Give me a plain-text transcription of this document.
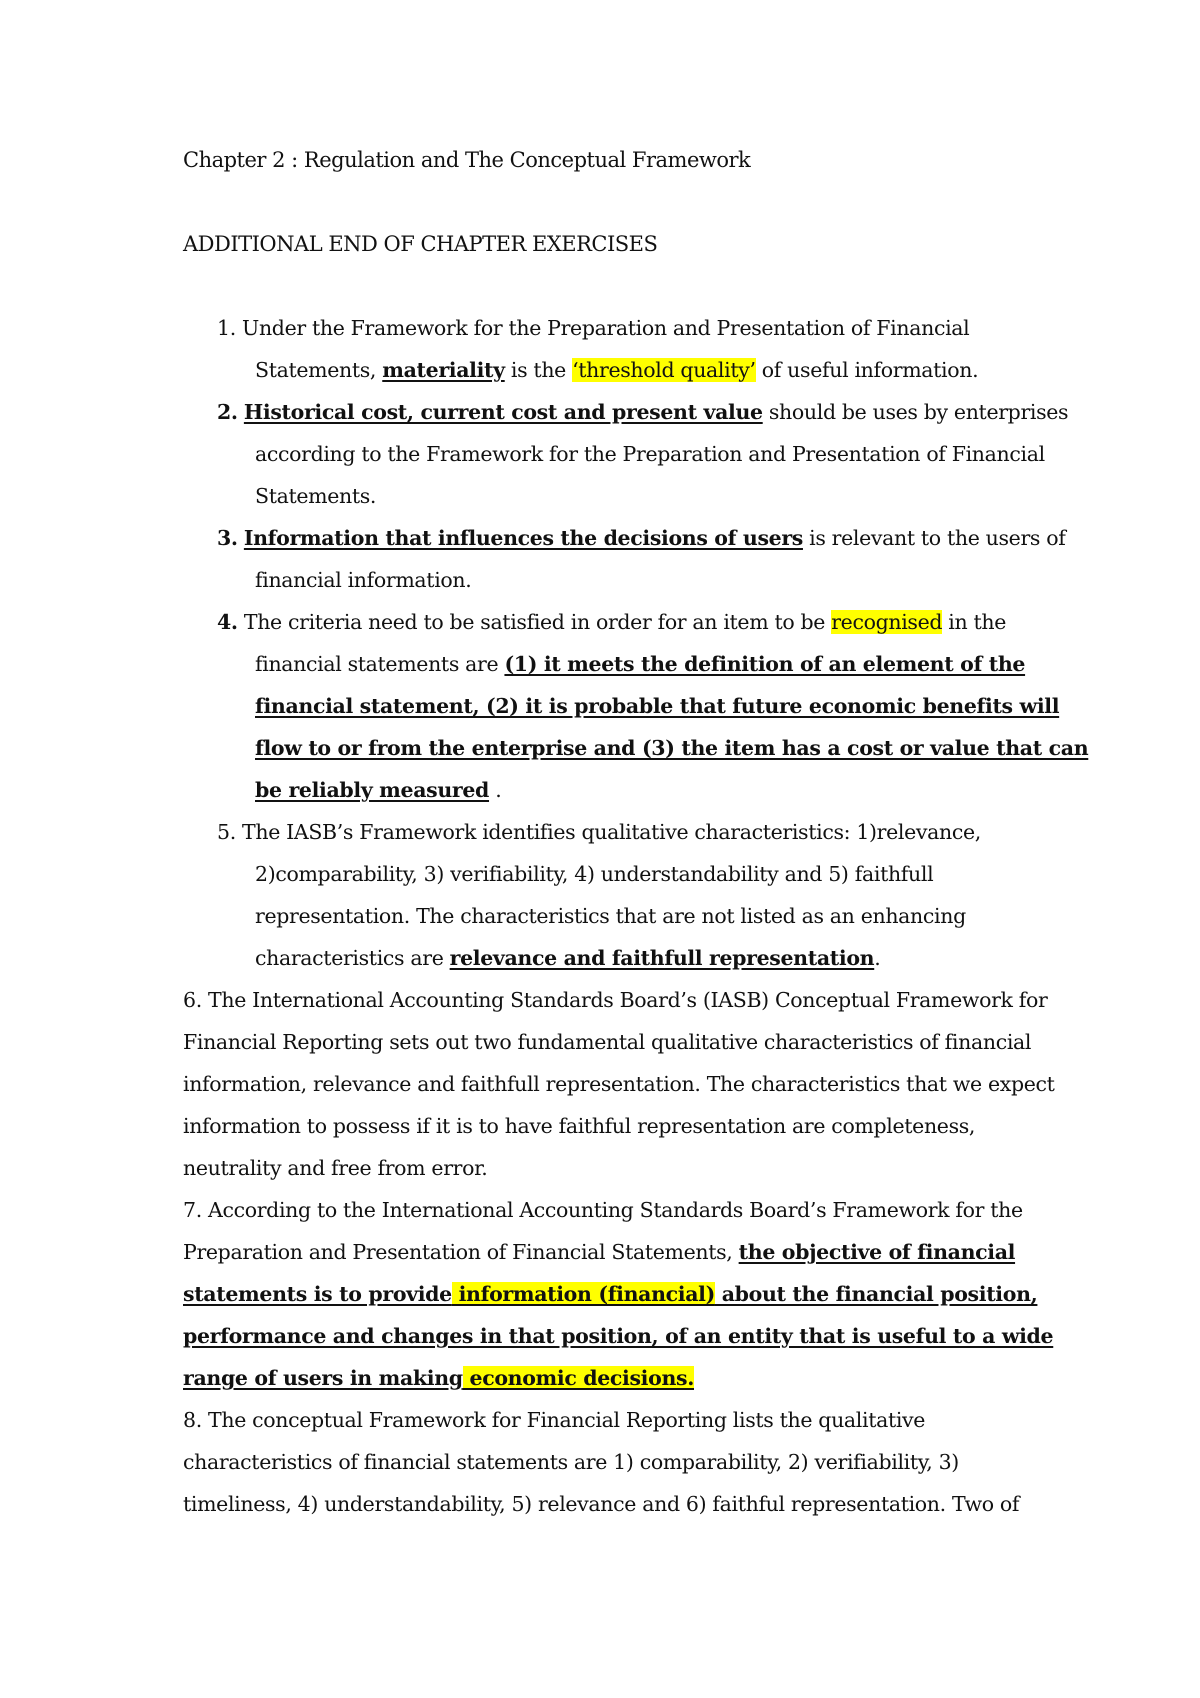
Chapter 2 : Regulation and The Conceptual Framework
ADDITIONAL END OF CHAPTER EXERCISES
1. Under the Framework for the Preparation and Presentation of Financial
Statements, materiality is the ‘threshold quality’ of useful information.
2. Historical cost, current cost and present value should be uses by enterprises
according to the Framework for the Preparation and Presentation of Financial
Statements.
3. Information that influences the decisions of users is relevant to the users of
financial information.
4. The criteria need to be satisfied in order for an item to be recognised in the
financial statements are (1) it meets the definition of an element of the
financial statement, (2) it is probable that future economic benefits will
flow to or from the enterprise and (3) the item has a cost or value that can
be reliably measured .
5. The IASB’s Framework identifies qualitative characteristics: 1)relevance,
2)comparability, 3) verifiability, 4) understandability and 5) faithfull
representation. The characteristics that are not listed as an enhancing
characteristics are relevance and faithfull representation.
6. The International Accounting Standards Board’s (IASB) Conceptual Framework for
Financial Reporting sets out two fundamental qualitative characteristics of financial
information, relevance and faithfull representation. The characteristics that we expect
information to possess if it is to have faithful representation are completeness,
neutrality and free from error.
7. According to the International Accounting Standards Board’s Framework for the
Preparation and Presentation of Financial Statements, the objective of financial
statements is to provide information (financial) about the financial position,
performance and changes in that position, of an entity that is useful to a wide
range of users in making economic decisions.
8. The conceptual Framework for Financial Reporting lists the qualitative
characteristics of financial statements are 1) comparability, 2) verifiability, 3)
timeliness, 4) understandability, 5) relevance and 6) faithful representation. Two of
